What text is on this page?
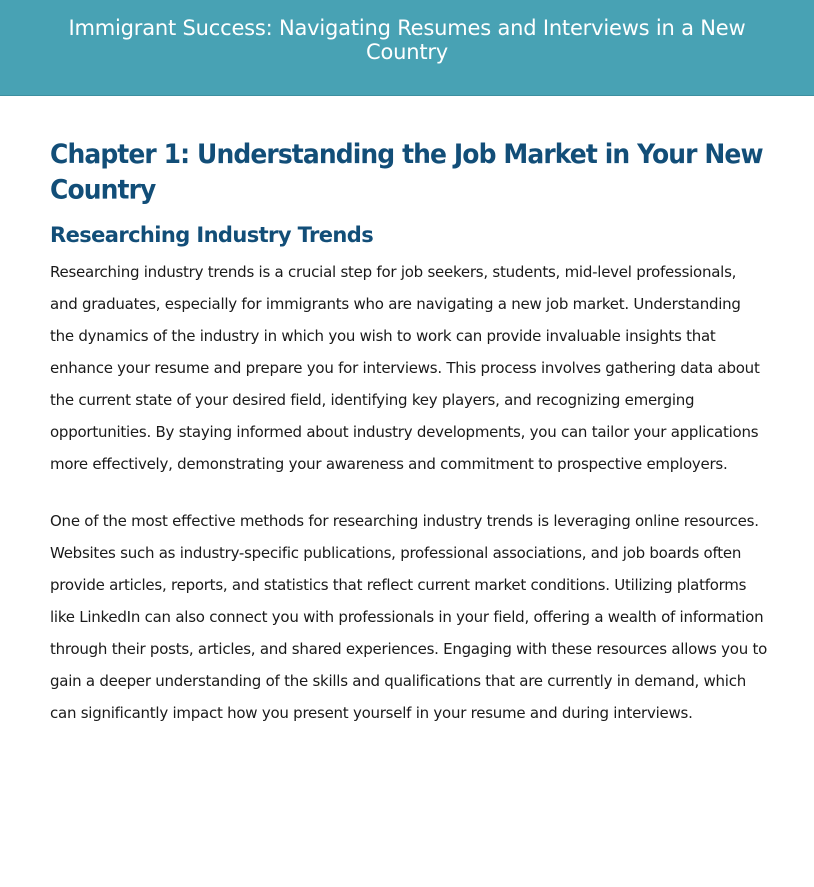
Immigrant Success: Navigating Resumes and Interviews in a New Country
Chapter 1: Understanding the Job Market in Your New Country
Researching Industry Trends

Researching industry trends is a crucial step for job seekers, students, mid-level professionals, and graduates, especially for immigrants who are navigating a new job market. Understanding the dynamics of the industry in which you wish to work can provide invaluable insights that enhance your resume and prepare you for interviews. This process involves gathering data about the current state of your desired field, identifying key players, and recognizing emerging opportunities. By staying informed about industry developments, you can tailor your applications more effectively, demonstrating your awareness and commitment to prospective employers.

One of the most effective methods for researching industry trends is leveraging online resources. Websites such as industry-specific publications, professional associations, and job boards often provide articles, reports, and statistics that reflect current market conditions. Utilizing platforms like LinkedIn can also connect you with professionals in your field, offering a wealth of information through their posts, articles, and shared experiences. Engaging with these resources allows you to gain a deeper understanding of the skills and qualifications that are currently in demand, which can significantly impact how you present yourself in your resume and during interviews.
